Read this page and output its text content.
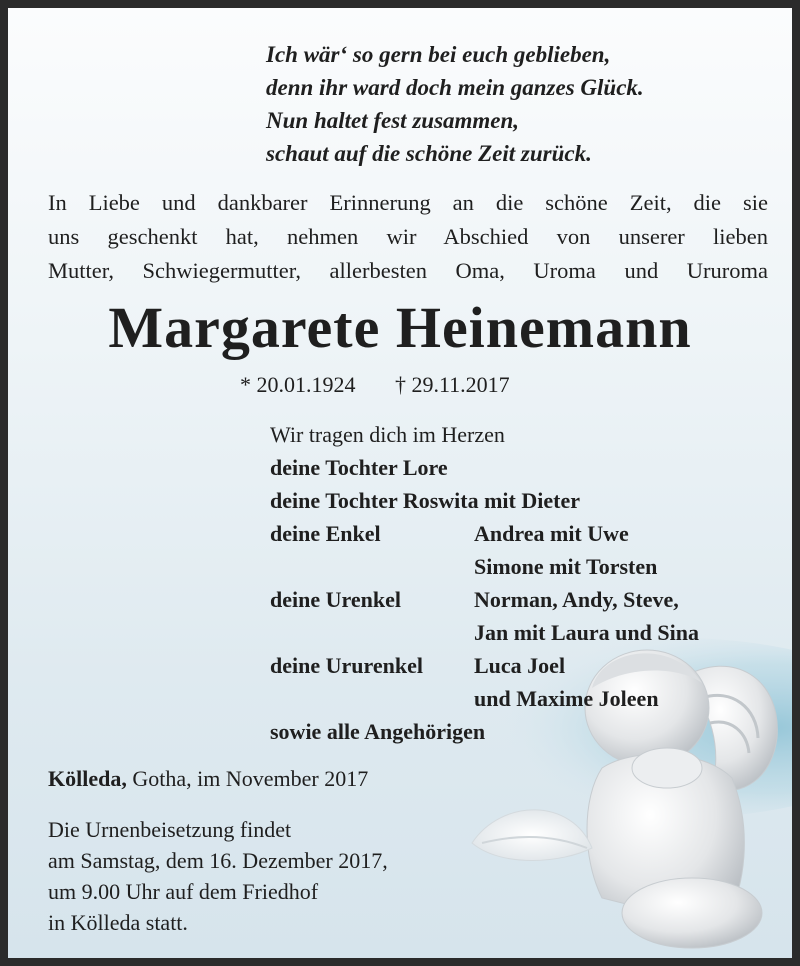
Ich wär‘ so gern bei euch geblieben,
denn ihr ward doch mein ganzes Glück.
Nun haltet fest zusammen,
schaut auf die schöne Zeit zurück.
In Liebe und dankbarer Erinnerung an die schöne Zeit, die sie
uns geschenkt hat, nehmen wir Abschied von unserer lieben
Mutter, Schwiegermutter, allerbesten Oma, Uroma und Ururoma
Margarete Heinemann
* 20.01.1924 † 29.11.2017
Wir tragen dich im Herzen
deine Tochter Lore
deine Tochter Roswita mit Dieter
deine Enkel	Andrea mit Uwe
Simone mit Torsten
deine Urenkel	Norman, Andy, Steve,
Jan mit Laura und Sina
deine Ururenkel	Luca Joel
und Maxime Joleen
sowie alle Angehörigen
Kölleda, Gotha, im November 2017
Die Urnenbeisetzung findet
am Samstag, dem 16. Dezember 2017,
um 9.00 Uhr auf dem Friedhof
in Kölleda statt.
